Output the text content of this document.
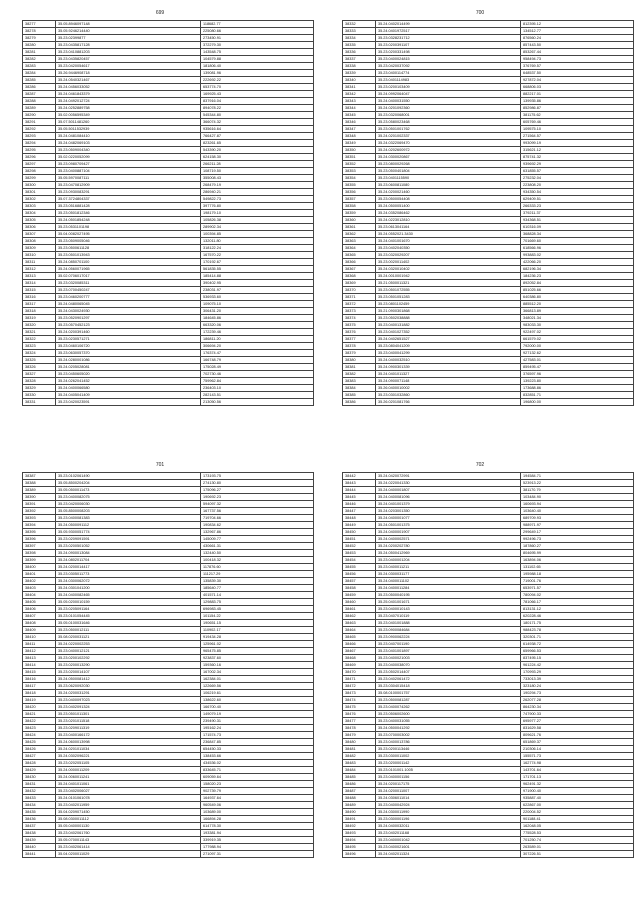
699
38277	35.05.8946097148	118682.77
38278	35.05.9246214440	225080.66
38279	35.23.02399877	273450.91
38280	35.23.0435817128	372279.30
38281	35.23.0410881203	143548.75
38282	35.23.0435820457	104579.88
38283	35.23.0420054617	181806.40
38284	35.26.9446908718	139081.96
38285	35.24.0540321467	222692.22
38286	35.24.0456033052	653774.70
38287	35.24.0461843379	169925.43
38288	35.24.0492012724	837916.04
38289	35.24.0252889758	894078.22
38290	35.02.0056595349	545344.80
38291	35.07.5011481260	366074.32
38292	35.05.5011532939	935616.64
38293	35.24.0481084410	766427.87
38294	35.24.0482069103	823261.65
38295	35.23.0509004340	543390.20
38296	35.02.0220052099	624158.30
38297	35.23.0980709427	266211.28
38298	35.23.0400887104	108719.50
38299	35.05.5970087111	355008.43
38300	35.23.0470812909	268479.19
38301	35.23.0930083291	286940.21
38302	35.07.3724804337	549822.73
38303	35.23.0516881428	397776.80
38304	35.23.0501812346	198179.10
38305	35.24.0501854248	105826.38
38306	35.23.0531101198	289902.34
38307	35.04.0082027495	100394.85
38308	35.23.0509005046	132011.80
38309	35.23.0500611128	318122.24
38310	35.23.0501013943	167570.22
38311	35.24.0850701100	170192.67
38312	35.24.0560071965	561835.55
38313	35.02.0706017017	185414.88
38314	35.23.0320085311	390402.95
38315	35.23.0700450247	238031.97
38316	35.23.0460200777	536933.60
38317	35.24.0480065045	109075.10
38318	35.24.0430024930	306431.20
38319	35.23.0520901297	184645.86
38320	35.23.0570452123	663320.06
38321	35.24.0200391460	172239.46
38322	35.23.0230571271	186811.20
38323	35.23.0460106720	306694.20
38324	35.23.0630057370	176374.47
38325	35.24.0280001086	166748.79
38326	35.24.0205028081	175028.49
38327	35.23.0450605020	702730.46
38328	35.24.0262041452	759962.84
38329	35.24.0400066580	236403.10
38330	35.24.0405041409	282143.51
38331	35.23.0420023591	213050.56
700
38332	35.24.0402014499	812395.12
38333	35.24.0401972517	134512.77
38334	35.23.0328231712	876560.24
38335	35.23.0200391107	857443.50
38336	35.23.0200331498	853267.44
38337	35.23.0400024815	958494.73
38338	35.23.0420037092	376769.57
38339	35.23.0400114774	648537.50
38340	35.23.0401114983	927872.04
38341	35.23.0200103409	668806.03
38342	35.24.0992064047	882217.01
38343	35.24.0400031550	139935.86
38344	35.24.0201092360	852986.87
38345	35.23.0320068001	381175.62
38346	35.23.0580023468	605769.46
38347	35.23.0501001762	109575.10
38348	35.24.0201002337	271564.57
38349	35.24.0322069470	993099.19
38350	35.24.0202600972	315621.12
38351	35.24.0300020867	875741.32
38352	35.23.0800029268	939692.29
38353	35.23.0500401804	631855.57
38354	35.23.0401115590	275232.04
38355	35.23.0600811080	223808.20
38356	35.24.0200021460	934350.54
38357	35.23.0500054408	629409.51
38358	35.24.0500051400	266333.23
38359	35.24.0352086462	379211.37
38360	35.24.0223012810	934368.51
38361	35.23.0613041164	610316.09
38362	35.24.0552021.3430	368828.34
38363	35.24.0401001670	701669.60
38364	35.23.0402040350	618566.96
38365	35.23.0320029207	993883.02
38366	35.23.0020011402	422066.20
38367	35.24.0320010402	682196.34
38368	35.24.0010001942	184236.23
38369	35.21.0500011321	892052.84
38370	35.23.0501072555	851025.66
38371	35.23.0501051283	640386.80
38372	35.23.0801102459	885512.20
38373	35.21.0900301868	366813.89
38374	35.23.0502038888	348021.34
38375	35.23.0400131882	983033.30
38376	35.23.0401027352	922497.02
38377	35.24.0402651527	661579.02
38378	35.23.0804041209	792000.00
38379	35.23.0400041299	927132.62
38380	35.24.0400032510	427583.01
38381	35.24.0900301339	859495.47
38382	35.24.0401011327	376597.96
38383	35.24.0900071148	139223.80
38384	35.26.0400010002	173688.86
38385	35.23.0301032860	832851.71
38386	35.26.0201081766	196800.00
701
38387	35.23.0102061490	173193.75
38388	35.05.8500204204	274130.80
38389	35.05.0500011473	175096.27
38390	35.23.0400082075	190692.23
38391	35.23.0420006030	594097.32
38392	35.05.8500008203	167737.56
38393	35.23.0400081383	719704.66
38394	35.24.0500091112	190834.62
38395	35.05.9300051774	132967.86
38396	35.23.0209091591	145009.77
38397	35.23.0200501052	430661.31
38398	35.24.0900013084	132440.50
38399	35.24.0802011704	100418.32
38400	35.24.0200014417	117876.60
38401	35.23.0305011773	111217.29
38402	35.24.0300062072	135839.30
38403	35.24.0301041200	185640.77
38404	35.24.0400082465	401571.14
38405	35.05.0200010159	129883.75
38406	35.23.0205091164	696983.45
38407	35.23.0101054445	101154.22
38408	35.05.0100031646	190651.15
38409	35.23.0500012111	110902.17
38410	35.08.0200031121	919434.28
38411	35.24.0220002253	125961.02
38412	35.23.0400012121	965475.85
38413	35.23.0200102292	923837.60
38414	35.23.0200013290	159360.16
38415	35.23.0200014107	167002.34
38416	35.24.0500081412	162384.01
38417	35.23.0620092030	122669.56
38418	35.24.0200031291	106219.61
38419	35.23.0400097023	138622.60
38420	35.23.0402091324	166700.40
38421	35.23.0501011301	149079.19
38422	35.23.0201011518	239490.31
38423	35.23.0209011319	195162.24
38424	35.23.0400166172	171574.73
38425	35.24.0600013998	236847.85
38426	35.24.0201011034	654450.33
38427	35.24.0302096221	138453.66
38428	35.23.0202051105	434536.02
38429	35.24.0000011209	833645.71
38430	35.24.0060011241	609059.64
38431	35.24.0401011061	158020.23
38432	35.23.0402006027	902739.79
38433	35.24.0101061078	164937.64
38434	35.23.0402011959	960549.06
38435	35.04.0209071450	103689.00
38436	35.08.0300011112	166894.28
38437	35.05.0400001130	614778.30
38438	35.23.0402061760	193381.94
38439	35.05.0700011143	339919.35
38440	35.23.0402061414	177988.94
38441	35.04.0200011029	271097.31
702
38442	35.24.0420072991	194584.71
38443	35.24.0220041330	523913.22
38444	35.24.0400001807	381170.79
38445	35.24.0400081096	103484.90
38446	35.24.0401001379	160693.94
38447	35.24.0203001350	103640.40
38448	35.24.0400001077	689709.93
38449	35.24.0501001375	988971.97
38450	35.24.0400001907	299649.17
38451	35.24.0400002571	992496.73
38452	35.24.0200202780	187860.27
38453	35.24.0500412969	804695.99
38454	35.23.0400001204	163894.06
38455	35.23.0400011211	131102.65
38456	35.24.0300031177	195988.18
38457	35.24.0400011102	719001.76
38458	35.24.0400011284	653971.57
38459	35.23.0500040195	780094.02
38460	35.25.0401001671	781066.17
38461	35.23.0400010143	813131.12
38462	35.23.0407010119	620228.46
38463	35.23.0401001888	180171.75
38464	35.23.0900084684	988423.78
38465	35.23.0900062224	320301.71
38466	35.23.0407001190	614938.72
38467	35.23.0401001897	659966.53
38468	35.23.0400021003	837495.15
38469	35.23.0400038070	961224.42
38470	35.23.0502014407	170993.29
38471	35.23.0402061472	733013.39
38472	35.23.0304015418	323180.24
38473	35.08.0100001757	190294.73
38474	35.23.0500081287	262077.28
38475	35.23.0400074262	864230.34
38476	35.23.0506002600	747900.33
38477	35.23.0400031055	695977.27
38478	35.24.0500041292	831629.58
38479	35.23.0700003002	809621.76
38480	35.23.0400013786	651869.37
38481	35.23.0200113446	210306.14
38482	35.23.0300011002	155571.73
38483	35.23.0200001142	162774.98
38484	35.23.0101001.1005	143701.64
38485	35.23.0400001156	171701.13
38486	35.24.0200117175	962491.32
38487	35.24.0200011007	971900.40
38488	35.24.0306011014	935887.40
38489	35.23.0400042924	622867.00
38490	35.24.0300011990	220004.52
38491	35.23.0300001196	901188.41
38492	35.24.0400032011	162048.05
38493	35.23.0402011168	775528.53
38494	35.23.0400001042	701250.74
38495	35.23.0400021601	263589.01
38496	35.24.0402011324	307226.51
